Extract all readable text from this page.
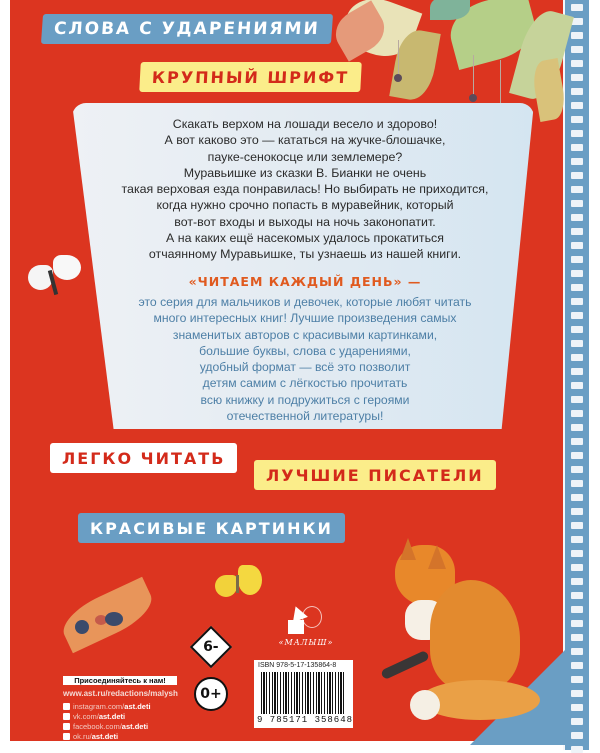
СЛОВА С УДАРЕНИЯМИ
КРУПНЫЙ ШРИФТ
Скакать верхом на лошади весело и здорово!
А вот каково это — кататься на жучке-блошачке,
пауке-сенокосце или землемере?
Муравьишке из сказки В. Бианки не очень
такая верховая езда понравилась! Но выбирать не приходится,
когда нужно срочно попасть в муравейник, который
вот-вот входы и выходы на ночь законопатит.
А на каких ещё насекомых удалось прокатиться
отчаянному Муравьишке, ты узнаешь из нашей книги.
«ЧИТАЕМ КАЖДЫЙ ДЕНЬ» —
это серия для мальчиков и девочек, которые любят читать
много интересных книг! Лучшие произведения самых
знаменитых авторов с красивыми картинками,
большие буквы, слова с ударениями,
удобный формат — всё это позволит
детям самим с лёгкостью прочитать
всю книжку и подружиться с героями
отечественной литературы!
ЛЕГКО ЧИТАТЬ
ЛУЧШИЕ ПИСАТЕЛИ
КРАСИВЫЕ КАРТИНКИ
6-
0+
Присоединяйтесь к нам!
www.ast.ru/redactions/malysh
instagram.com/ast.deti
vk.com/ast.deti
facebook.com/ast.deti
ok.ru/ast.deti
«МАЛЫШ»
ISBN 978-5-17-135864-8
9 785171 358648
